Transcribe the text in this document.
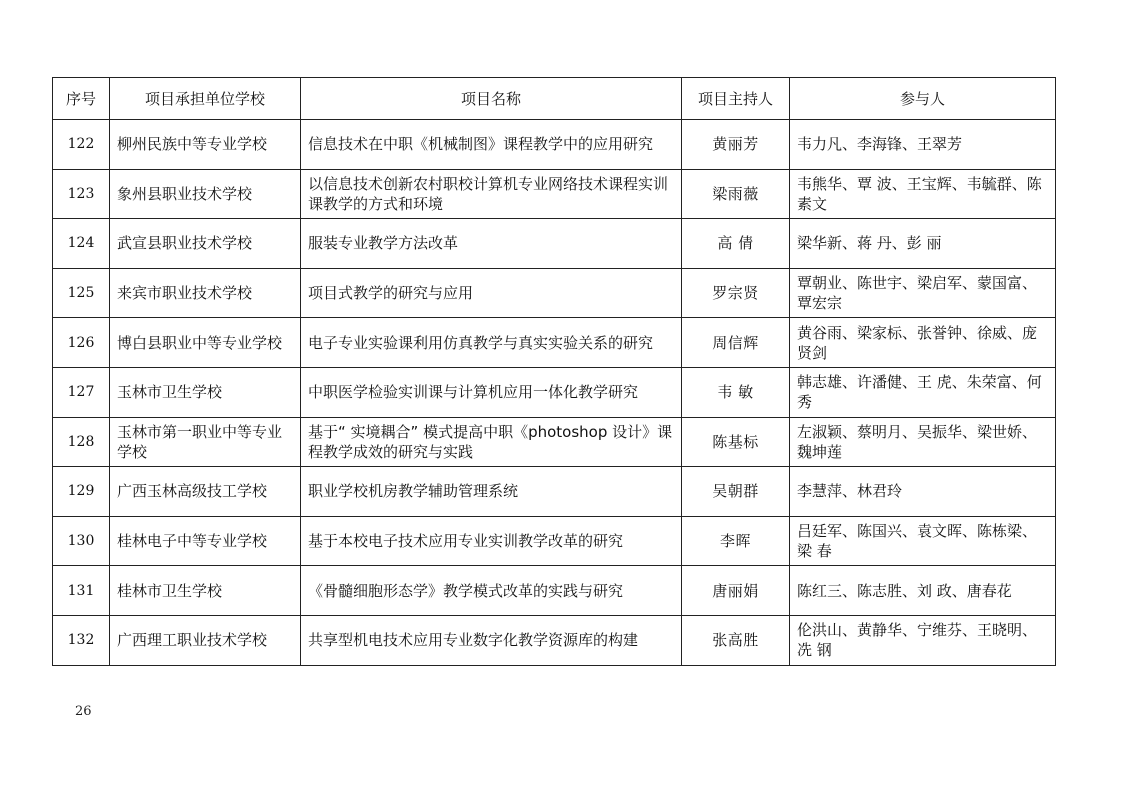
序号	项目承担单位学校	项目名称	项目主持人	参与人
122	柳州民族中等专业学校	信息技术在中职《机械制图》课程教学中的应用研究	黄丽芳	韦力凡、李海锋、王翠芳
123	象州县职业技术学校	以信息技术创新农村职校计算机专业网络技术课程实训课教学的方式和环境	梁雨薇	韦熊华、覃 波、王宝辉、韦毓群、陈素文
124	武宣县职业技术学校	服装专业教学方法改革	高 倩	梁华新、蒋 丹、彭 丽
125	来宾市职业技术学校	项目式教学的研究与应用	罗宗贤	覃朝业、陈世宇、梁启军、蒙国富、覃宏宗
126	博白县职业中等专业学校	电子专业实验课利用仿真教学与真实实验关系的研究	周信辉	黄谷雨、梁家标、张誉钟、徐威、庞贤剑
127	玉林市卫生学校	中职医学检验实训课与计算机应用一体化教学研究	韦 敏	韩志雄、许潘健、王 虎、朱荣富、何 秀
128	玉林市第一职业中等专业学校	基于“ 实境耦合” 模式提高中职《photoshop 设计》课程教学成效的研究与实践	陈基标	左淑颖、蔡明月、吴振华、梁世娇、魏坤莲
129	广西玉林高级技工学校	职业学校机房教学辅助管理系统	吴朝群	李慧萍、林君玲
130	桂林电子中等专业学校	基于本校电子技术应用专业实训教学改革的研究	李晖	吕廷军、陈国兴、袁文晖、陈栋梁、梁 春
131	桂林市卫生学校	《骨髓细胞形态学》教学模式改革的实践与研究	唐丽娟	陈红三、陈志胜、刘 政、唐春花
132	广西理工职业技术学校	共享型机电技术应用专业数字化教学资源库的构建	张高胜	伦洪山、黄静华、宁维芬、王晓明、冼 钢
26
